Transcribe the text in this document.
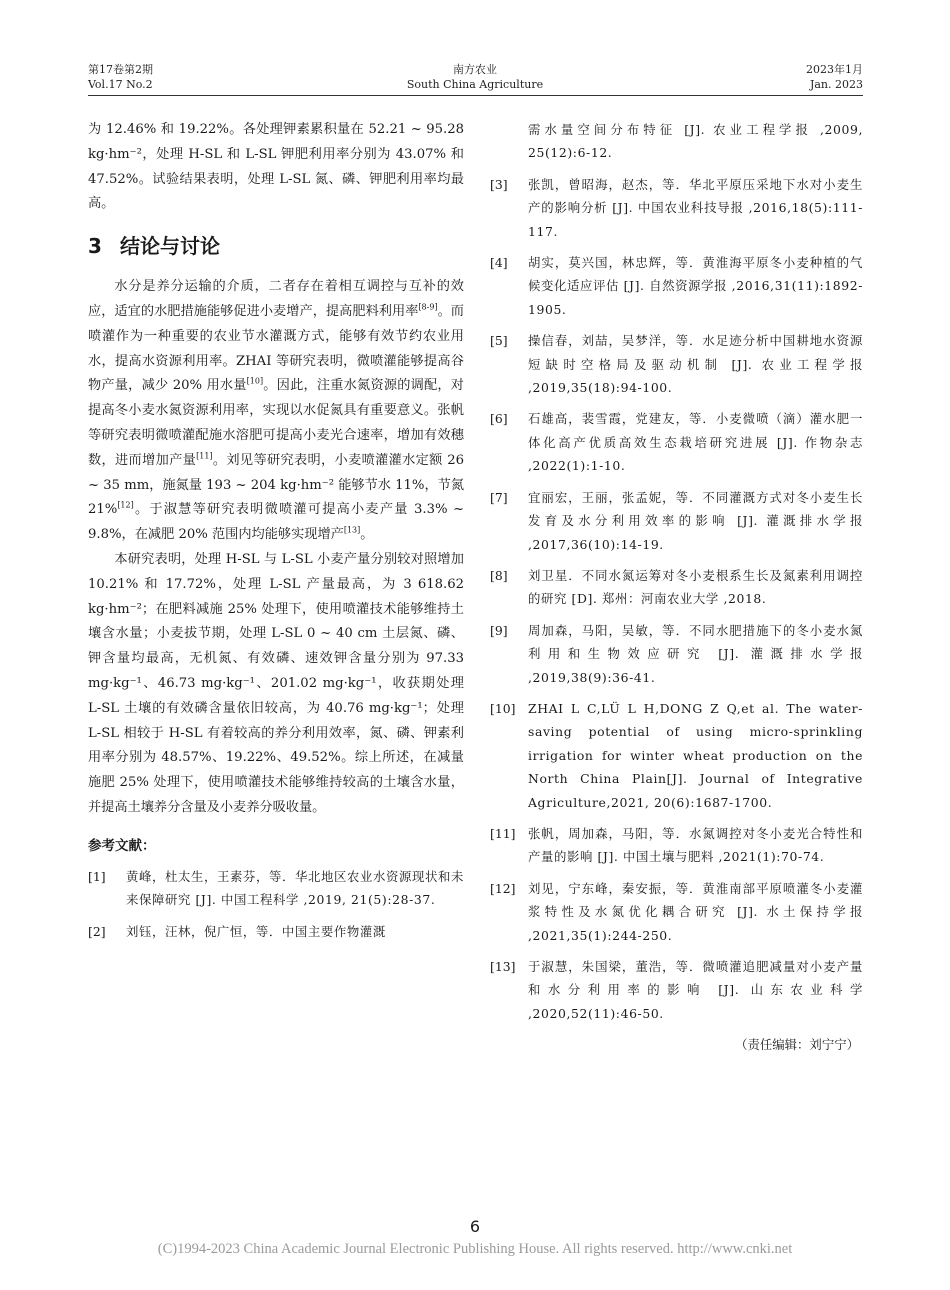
第17卷第2期
Vol.17 No.2
南方农业
South China Agriculture
2023年1月
Jan. 2023

为 12.46% 和 19.22%。各处理钾素累积量在 52.21 ~ 95.28 kg·hm⁻²，处理 H-SL 和 L-SL 钾肥利用率分别为 43.07% 和 47.52%。试验结果表明，处理 L-SL 氮、磷、钾肥利用率均最高。

3 结论与讨论

水分是养分运输的介质，二者存在着相互调控与互补的效应，适宜的水肥措施能够促进小麦增产，提高肥料利用率[8-9]。而喷灌作为一种重要的农业节水灌溉方式，能够有效节约农业用水，提高水资源利用率。ZHAI 等研究表明，微喷灌能够提高谷物产量，减少 20% 用水量[10]。因此，注重水氮资源的调配，对提高冬小麦水氮资源利用率，实现以水促氮具有重要意义。张帆等研究表明微喷灌配施水溶肥可提高小麦光合速率，增加有效穗数，进而增加产量[11]。刘见等研究表明，小麦喷灌灌水定额 26 ~ 35 mm，施氮量 193 ~ 204 kg·hm⁻² 能够节水 11%，节氮 21%[12]。于淑慧等研究表明微喷灌可提高小麦产量 3.3% ~ 9.8%，在减肥 20% 范围内均能够实现增产[13]。

本研究表明，处理 H-SL 与 L-SL 小麦产量分别较对照增加 10.21% 和 17.72%，处理 L-SL 产量最高，为 3 618.62 kg·hm⁻²；在肥料减施 25% 处理下，使用喷灌技术能够维持土壤含水量；小麦拔节期，处理 L-SL 0 ~ 40 cm 土层氮、磷、钾含量均最高，无机氮、有效磷、速效钾含量分别为 97.33 mg·kg⁻¹、46.73 mg·kg⁻¹、201.02 mg·kg⁻¹，收获期处理 L-SL 土壤的有效磷含量依旧较高，为 40.76 mg·kg⁻¹；处理 L-SL 相较于 H-SL 有着较高的养分利用效率，氮、磷、钾素利用率分别为 48.57%、19.22%、49.52%。综上所述，在减量施肥 25% 处理下，使用喷灌技术能够维持较高的土壤含水量，并提高土壤养分含量及小麦养分吸收量。

参考文献：
[1] 黄峰，杜太生，王素芬，等．华北地区农业水资源现状和未来保障研究 [J]. 中国工程科学 ,2019, 21(5):28-37.
[2] 刘钰，汪林，倪广恒，等．中国主要作物灌溉
需水量空间分布特征 [J]. 农业工程学报 ,2009, 25(12):6-12.
[3] 张凯，曾昭海，赵杰，等．华北平原压采地下水对小麦生产的影响分析 [J]. 中国农业科技导报 ,2016,18(5):111-117.
[4] 胡实，莫兴国，林忠辉，等．黄淮海平原冬小麦种植的气候变化适应评估 [J]. 自然资源学报 ,2016,31(11):1892-1905.
[5] 操信春，刘喆，吴梦洋，等．水足迹分析中国耕地水资源短缺时空格局及驱动机制 [J]. 农业工程学报 ,2019,35(18):94-100.
[6] 石雄高，裴雪霞，党建友，等．小麦微喷（滴）灌水肥一体化高产优质高效生态栽培研究进展 [J]. 作物杂志 ,2022(1):1-10.
[7] 宜丽宏，王丽，张孟妮，等．不同灌溉方式对冬小麦生长发育及水分利用效率的影响 [J]. 灌溉排水学报 ,2017,36(10):14-19.
[8] 刘卫星．不同水氮运筹对冬小麦根系生长及氮素利用调控的研究 [D]. 郑州：河南农业大学 ,2018.
[9] 周加森，马阳，吴敏，等．不同水肥措施下的冬小麦水氮利用和生物效应研究 [J]. 灌溉排水学报 ,2019,38(9):36-41.
[10] ZHAI L C,LÜ L H,DONG Z Q,et al. The water-saving potential of using micro-sprinkling irrigation for winter wheat production on the North China Plain[J]. Journal of Integrative Agriculture,2021, 20(6):1687-1700.
[11] 张帆，周加森，马阳，等．水氮调控对冬小麦光合特性和产量的影响 [J]. 中国土壤与肥料 ,2021(1):70-74.
[12] 刘见，宁东峰，秦安振，等．黄淮南部平原喷灌冬小麦灌浆特性及水氮优化耦合研究 [J]. 水土保持学报 ,2021,35(1):244-250.
[13] 于淑慧，朱国梁，董浩，等．微喷灌追肥减量对小麦产量和水分利用率的影响 [J]. 山东农业科学 ,2020,52(11):46-50.
（责任编辑：刘宁宁）
6
(C)1994-2023 China Academic Journal Electronic Publishing House. All rights reserved. http://www.cnki.net
